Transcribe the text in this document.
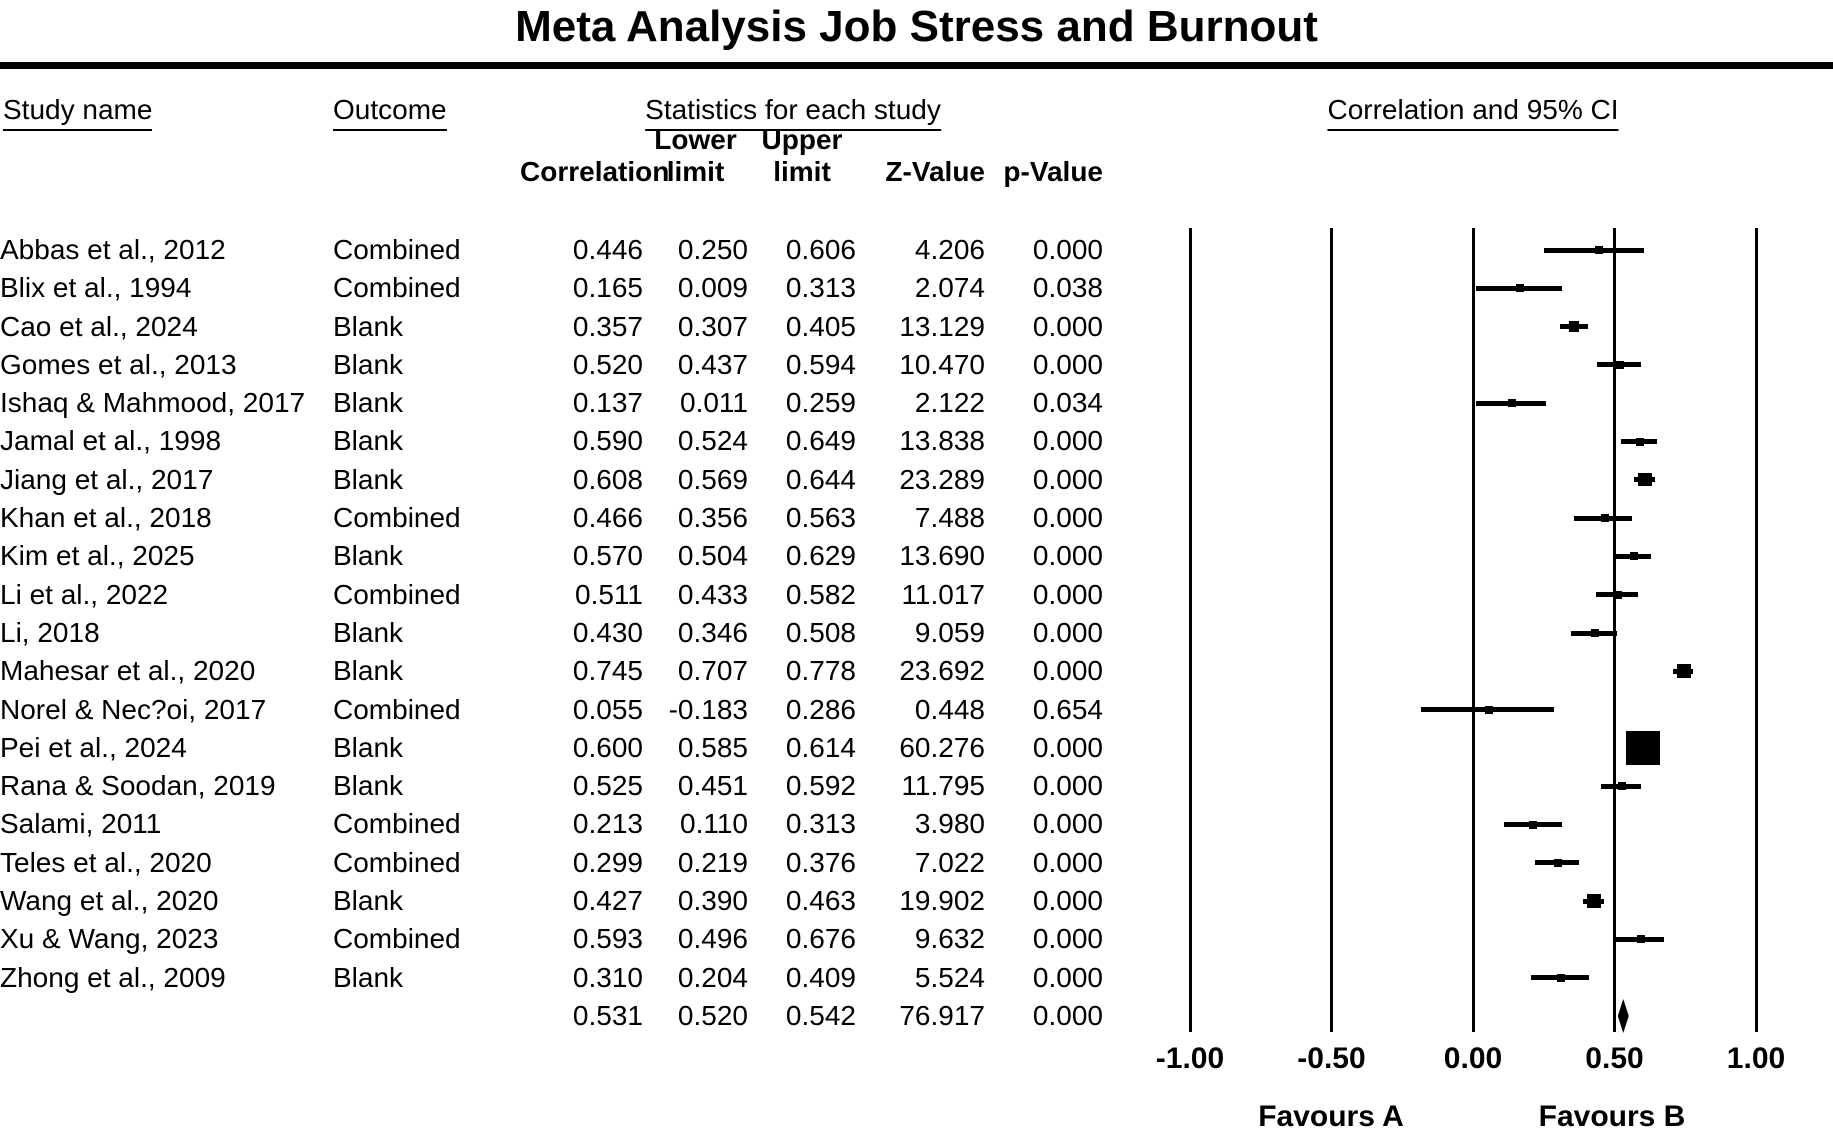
Meta Analysis Job Stress and Burnout
Study name	Outcome	Statistics for each study	Correlation and 95% CI
Lower Upper
Correlation
limit	limit	Z-Value p-Value
Abbas et al., 2012	Combined	0.446	0.250	0.606	4.206	0.000
Blix et al., 1994	Combined	0.165	0.009	0.313	2.074	0.038
Cao et al., 2024	Blank	0.357	0.307	0.405	13.129	0.000
Gomes et al., 2013	Blank	0.520	0.437	0.594	10.470	0.000
Ishaq & Mahmood, 2017 Blank	0.137	0.011	0.259	2.122	0.034
Jamal et al., 1998	Blank	0.590	0.524	0.649	13.838	0.000
Jiang et al., 2017	Blank	0.608	0.569	0.644	23.289	0.000
Khan et al., 2018	Combined	0.466	0.356	0.563	7.488	0.000
Kim et al., 2025	Blank	0.570	0.504	0.629	13.690	0.000
Li et al., 2022	Combined	0.511	0.433	0.582	11.017	0.000
Li, 2018	Blank	0.430	0.346	0.508	9.059	0.000
Mahesar et al., 2020	Blank	0.745	0.707	0.778	23.692	0.000
Norel & Nec?oi, 2017	Combined	0.055 -0.183	0.286	0.448	0.654
Pei et al., 2024	Blank	0.600	0.585	0.614	60.276	0.000
Rana & Soodan, 2019	Blank	0.525	0.451	0.592	11.795	0.000
Salami, 2011	Combined	0.213	0.110	0.313	3.980	0.000
Teles et al., 2020	Combined	0.299	0.219	0.376	7.022	0.000
Wang et al., 2020	Blank	0.427	0.390	0.463	19.902	0.000
Xu & Wang, 2023	Combined	0.593	0.496	0.676	9.632	0.000
Zhong et al., 2009	Blank	0.310	0.204	0.409	5.524	0.000
0.531	0.520	0.542	76.917	0.000
-1.00	-0.50	0.00	0.50	1.00
Favours A	Favours B
